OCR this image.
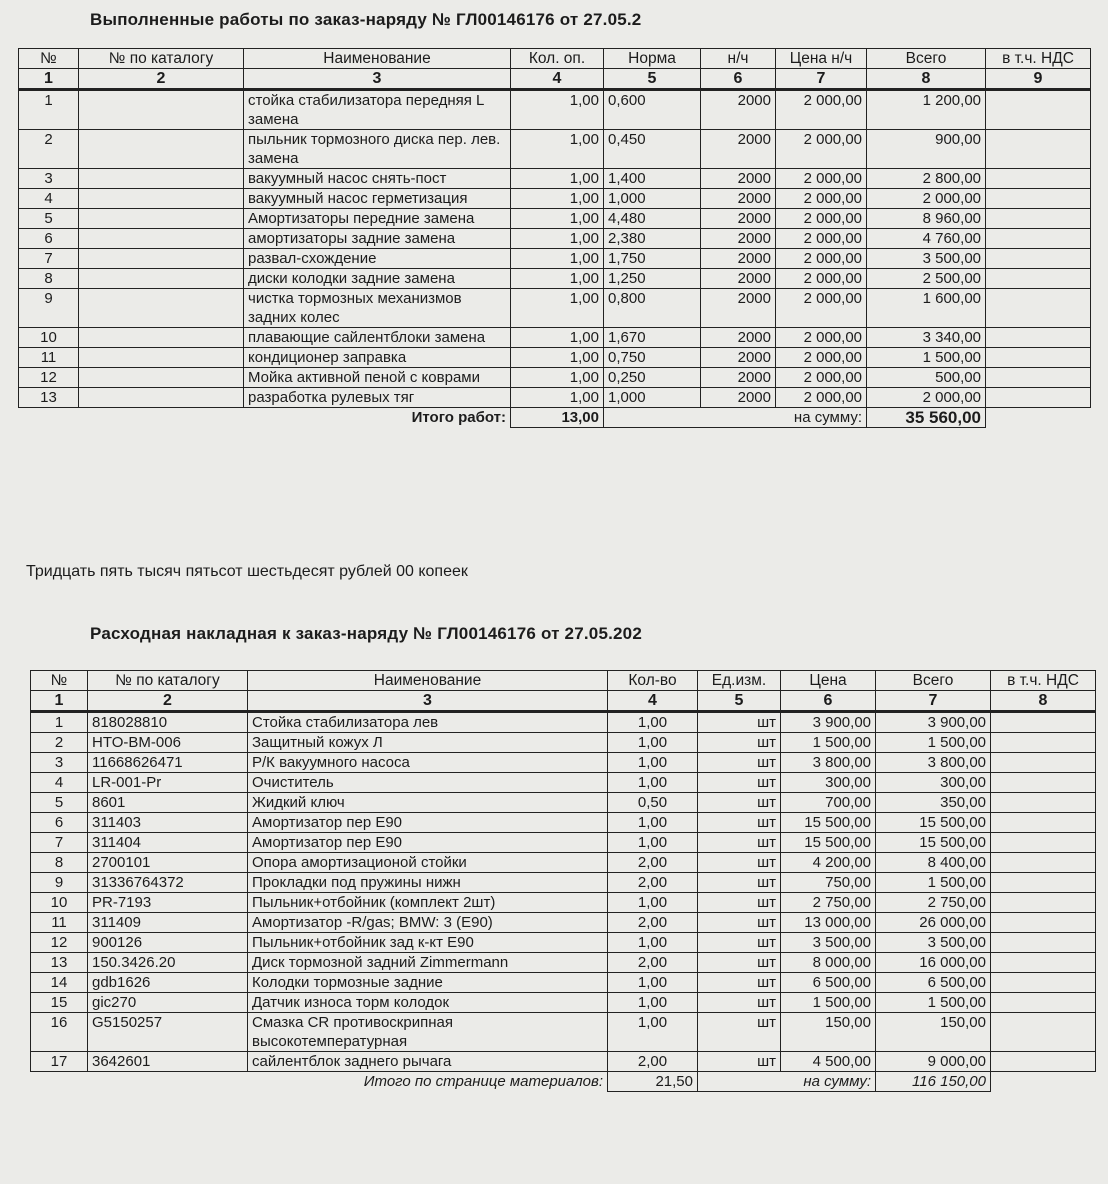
Выполненные работы по заказ-наряду № ГЛ00146176 от 27.05.2
№	№ по каталогу	Наименование	Кол. оп.	Норма	н/ч	Цена н/ч	Всего	в т.ч. НДС
1	2	3	4	5	6	7	8	9
1		стойка стабилизатора передняя L замена	1,00	0,600	2000	2 000,00	1 200,00	
2		пыльник тормозного диска пер. лев. замена	1,00	0,450	2000	2 000,00	900,00	
3		вакуумный насос снять-пост	1,00	1,400	2000	2 000,00	2 800,00	
4		вакуумный насос герметизация	1,00	1,000	2000	2 000,00	2 000,00	
5		Амортизаторы передние замена	1,00	4,480	2000	2 000,00	8 960,00	
6		амортизаторы задние замена	1,00	2,380	2000	2 000,00	4 760,00	
7		развал-схождение	1,00	1,750	2000	2 000,00	3 500,00	
8		диски колодки задние замена	1,00	1,250	2000	2 000,00	2 500,00	
9		чистка тормозных механизмов задних колес	1,00	0,800	2000	2 000,00	1 600,00	
10		плавающие сайлентблоки замена	1,00	1,670	2000	2 000,00	3 340,00	
11		кондиционер заправка	1,00	0,750	2000	2 000,00	1 500,00	
12		Мойка активной пеной с коврами	1,00	0,250	2000	2 000,00	500,00	
13		разработка рулевых тяг	1,00	1,000	2000	2 000,00	2 000,00	
Итого работ:			13,00			на сумму:	35 560,00	
Тридцать пять тысяч пятьсот шестьдесят рублей 00 копеек
Расходная накладная к заказ-наряду № ГЛ00146176 от 27.05.202
№	№ по каталогу	Наименование	Кол-во	Ед.изм.	Цена	Всего	в т.ч. НДС
1	2	3	4	5	6	7	8
1	818028810	Стойка стабилизатора лев	1,00	шт	3 900,00	3 900,00	
2	HTO-BM-006	Защитный кожух Л	1,00	шт	1 500,00	1 500,00	
3	11668626471	Р/К вакуумного насоса	1,00	шт	3 800,00	3 800,00	
4	LR-001-Pr	Очиститель	1,00	шт	300,00	300,00	
5	8601	Жидкий ключ	0,50	шт	700,00	350,00	
6	311403	Амортизатор пер E90	1,00	шт	15 500,00	15 500,00	
7	311404	Амортизатор пер E90	1,00	шт	15 500,00	15 500,00	
8	2700101	Опора амортизационой стойки	2,00	шт	4 200,00	8 400,00	
9	31336764372	Прокладки под пружины нижн	2,00	шт	750,00	1 500,00	
10	PR-7193	Пыльник+отбойник (комплект 2шт)	1,00	шт	2 750,00	2 750,00	
11	311409	Амортизатор -R/gas; BMW: 3 (E90)	2,00	шт	13 000,00	26 000,00	
12	900126	Пыльник+отбойник зад к-кт E90	1,00	шт	3 500,00	3 500,00	
13	150.3426.20	Диск тормозной задний Zimmermann	2,00	шт	8 000,00	16 000,00	
14	gdb1626	Колодки тормозные задние	1,00	шт	6 500,00	6 500,00	
15	gic270	Датчик износа торм колодок	1,00	шт	1 500,00	1 500,00	
16	G5150257	Смазка CR противоскрипная высокотемпературная	1,00	шт	150,00	150,00	
17	3642601	сайлентблок заднего рычага	2,00	шт	4 500,00	9 000,00	
Итого по странице материалов:			21,50	на сумму:		116 150,00	
